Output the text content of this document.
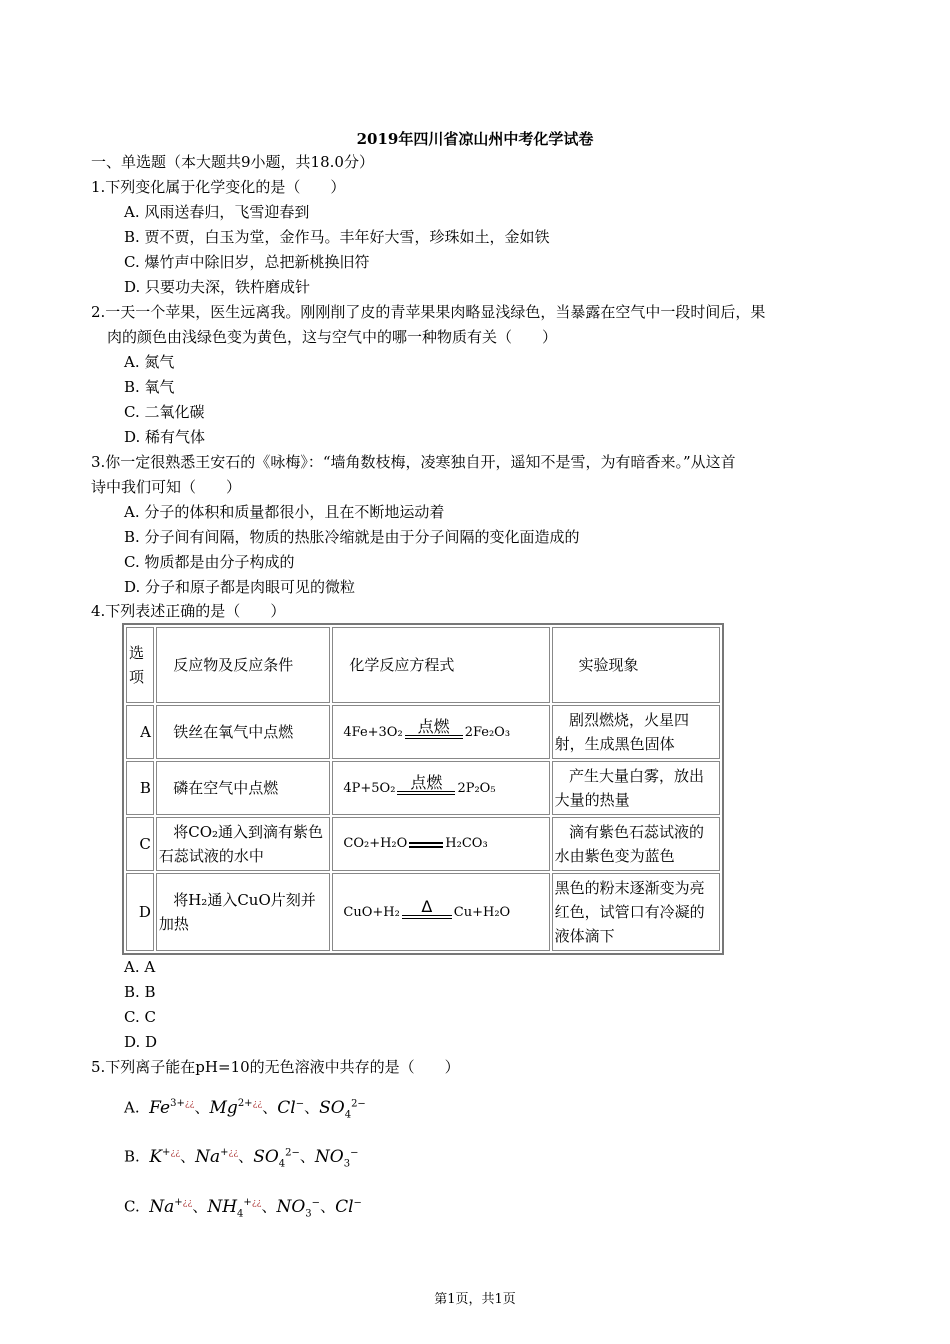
2019年四川省凉山州中考化学试卷
一、单选题（本大题共9小题，共18.0分）
1.下列变化属于化学变化的是（　　）
A. 风雨送春归，飞雪迎春到
B. 贾不贾，白玉为堂，金作马。丰年好大雪，珍珠如土，金如铁
C. 爆竹声中除旧岁，总把新桃换旧符
D. 只要功夫深，铁杵磨成针
2.一天一个苹果，医生远离我。刚刚削了皮的青苹果果肉略显浅绿色，当暴露在空气中一段时间后，果
肉的颜色由浅绿色变为黄色，这与空气中的哪一种物质有关（　　）
A. 氮气
B. 氧气
C. 二氧化碳
D. 稀有气体
3.你一定很熟悉王安石的《咏梅》：“墙角数枝梅，凌寒独自开，遥知不是雪，为有暗香来。”从这首
诗中我们可知（　　）
A. 分子的体积和质量都很小，且在不断地运动着
B. 分子间有间隔，物质的热胀冷缩就是由于分子间隔的变化面造成的
C. 物质都是由分子构成的
D. 分子和原子都是肉眼可见的微粒
4.下列表述正确的是（　　）
选项	反应物及反应条件	化学反应方程式	实验现象
A	铁丝在氧气中点燃	4Fe+3O₂ 点燃 2Fe₂O₃	剧烈燃烧，火星四射，生成黑色固体
B	磷在空气中点燃	4P+5O₂ 点燃 2P₂O₅	产生大量白雾，放出大量的热量
C	将CO₂通入到滴有紫色石蕊试液的水中	CO₂+H₂O H₂CO₃	滴有紫色石蕊试液的水由紫色变为蓝色
D	将H₂通入CuO片刻并加热	CuO+H₂ Δ Cu+H₂O	黑色的粉末逐渐变为亮红色，试管口有冷凝的液体滴下
A. A
B. B
C. C
D. D
5.下列离子能在pH=10的无色溶液中共存的是（　　）
A. $Fe^{3+¿¿}$、$Mg^{2+¿¿}$、Cl−、$SO_4^{2-}$
B. K+¿¿、Na+¿¿、$SO_4^{2-}$、$NO_3^-$
C. Na+¿¿、$NH_4^{+¿¿}$、$NO_3^-$、Cl−
第1页，共1页
